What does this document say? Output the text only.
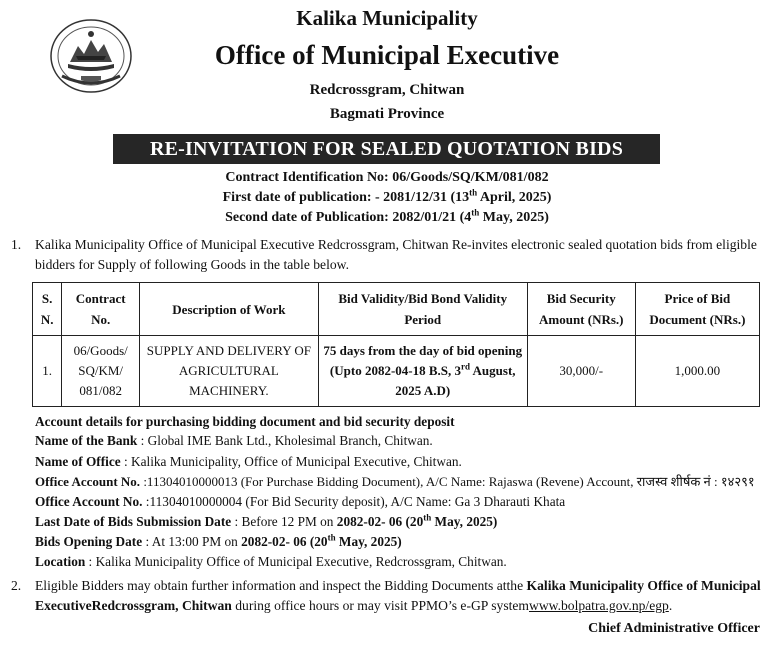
Kalika Municipality
Office of Municipal Executive
Redcrossgram, Chitwan
Bagmati Province
RE-INVITATION FOR SEALED QUOTATION BIDS
Contract Identification No: 06/Goods/SQ/KM/081/082
First date of publication: - 2081/12/31 (13th April, 2025)
Second date of Publication: 2082/01/21 (4th May, 2025)
1. Kalika Municipality Office of Municipal Executive Redcrossgram, Chitwan Re-invites electronic sealed quotation bids from eligible bidders for Supply of following Goods in the table below.
S. N.	Contract No.	Description of Work	Bid Validity/Bid Bond Validity Period	Bid Security Amount (NRs.)	Price of Bid Document (NRs.)
1.	06/Goods/ SQ/KM/ 081/082	SUPPLY AND DELIVERY OF AGRICULTURAL MACHINERY.	75 days from the day of bid opening (Upto 2082-04-18 B.S, 3rd August, 2025 A.D)	30,000/-	1,000.00
Account details for purchasing bidding document and bid security deposit
Name of the Bank : Global IME Bank Ltd., Kholesimal Branch, Chitwan.
Name of Office : Kalika Municipality, Office of Municipal Executive, Chitwan.
Office Account No. :11304010000013 (For Purchase Bidding Document), A/C Name: Rajaswa (Revene) Account, राजस्व शीर्षक नं : १४२९१
Office Account No. :11304010000004 (For Bid Security deposit), A/C Name: Ga 3 Dharauti Khata
Last Date of Bids Submission Date : Before 12 PM on 2082-02- 06 (20th May, 2025)
Bids Opening Date : At 13:00 PM on 2082-02- 06 (20th May, 2025)
Location : Kalika Municipality Office of Municipal Executive, Redcrossgram, Chitwan.
2. Eligible Bidders may obtain further information and inspect the Bidding Documents atthe Kalika Municipality Office of Municipal ExecutiveRedcrossgram, Chitwan during office hours or may visit PPMO’s e-GP systemwww.bolpatra.gov.np/egp.
Chief Administrative Officer
